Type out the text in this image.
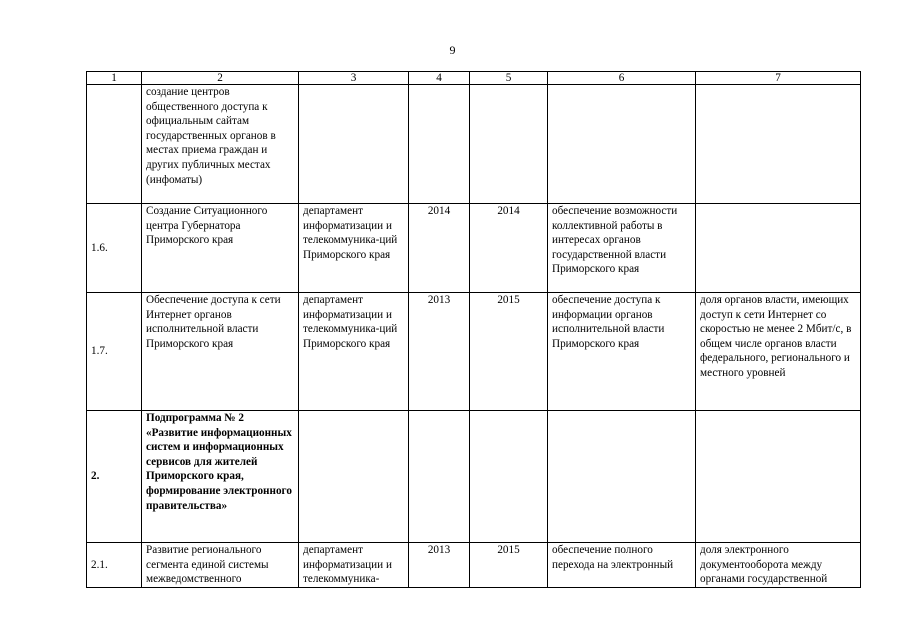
9
1	2	3	4	5	6	7
	создание центров общественного доступа к официальным сайтам государственных органов в местах приема граждан и других публичных местах (инфоматы)					
1.6.	Создание Ситуационного центра Губернатора Приморского края	департамент информатизации и телекоммуника-ций Приморского края	2014	2014	обеспечение возможности коллективной работы в интересах органов государственной власти Приморского края	
1.7.	Обеспечение доступа к сети Интернет органов исполнительной власти Приморского края	департамент информатизации и телекоммуника-ций Приморского края	2013	2015	обеспечение доступа к информации органов исполнительной власти Приморского края	доля органов власти, имеющих доступ к сети Интернет со скоростью не менее 2 Мбит/с, в общем числе органов власти федерального, регионального и местного уровней
2.	Подпрограмма № 2 «Развитие информационных систем и информационных сервисов для жителей Приморского края, формирование электронного правительства»					
2.1.	Развитие регионального сегмента единой системы межведомственного	департамент информатизации и телекоммуника-	2013	2015	обеспечение полного перехода на электронный	доля электронного документооборота между органами государственной
